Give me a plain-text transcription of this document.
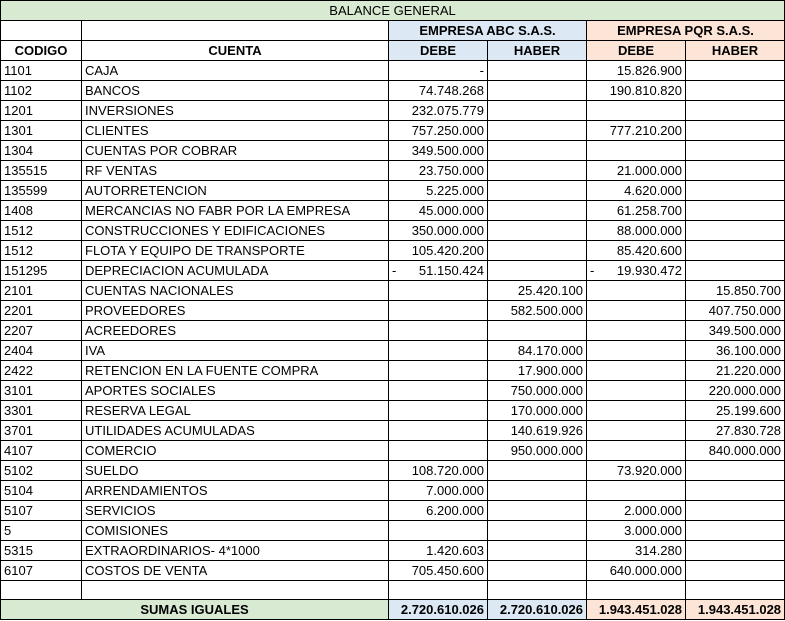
BALANCE GENERAL					
		EMPRESA ABC S.A.S.		EMPRESA PQR S.A.S.	
CODIGO	CUENTA	DEBE	HABER	DEBE	HABER
1101	CAJA	-		15.826.900	
1102	BANCOS	74.748.268		190.810.820	
1201	INVERSIONES	232.075.779			
1301	CLIENTES	757.250.000		777.210.200	
1304	CUENTAS POR COBRAR	349.500.000			
135515	RF VENTAS	23.750.000		21.000.000	
135599	AUTORRETENCION	5.225.000		4.620.000	
1408	MERCANCIAS NO FABR POR LA EMPRESA	45.000.000		61.258.700	
1512	CONSTRUCCIONES Y EDIFICACIONES	350.000.000		88.000.000	
1512	FLOTA Y EQUIPO DE TRANSPORTE	105.420.200		85.420.600	
151295	DEPRECIACION ACUMULADA	- 51.150.424		- 19.930.472	
2101	CUENTAS NACIONALES		25.420.100		15.850.700
2201	PROVEEDORES		582.500.000		407.750.000
2207	ACREEDORES				349.500.000
2404	IVA		84.170.000		36.100.000
2422	RETENCION EN LA FUENTE COMPRA		17.900.000		21.220.000
3101	APORTES SOCIALES		750.000.000		220.000.000
3301	RESERVA LEGAL		170.000.000		25.199.600
3701	UTILIDADES ACUMULADAS		140.619.926		27.830.728
4107	COMERCIO		950.000.000		840.000.000
5102	SUELDO	108.720.000		73.920.000	
5104	ARRENDAMIENTOS	7.000.000			
5107	SERVICIOS	6.200.000		2.000.000	
5	COMISIONES			3.000.000	
5315	EXTRAORDINARIOS- 4*1000	1.420.603		314.280	
6107	COSTOS DE VENTA	705.450.600		640.000.000	

SUMAS IGUALES		2.720.610.026	2.720.610.026	1.943.451.028	1.943.451.028
